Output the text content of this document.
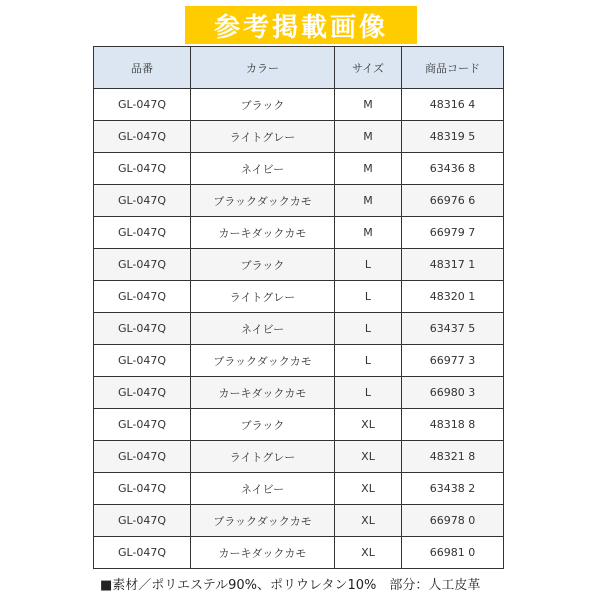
参考掲載画像
品番	カラー	サイズ	商品コード
GL-047Q	ブラック	M	48316 4
GL-047Q	ライトグレー	M	48319 5
GL-047Q	ネイビー	M	63436 8
GL-047Q	ブラックダックカモ	M	66976 6
GL-047Q	カーキダックカモ	M	66979 7
GL-047Q	ブラック	L	48317 1
GL-047Q	ライトグレー	L	48320 1
GL-047Q	ネイビー	L	63437 5
GL-047Q	ブラックダックカモ	L	66977 3
GL-047Q	カーキダックカモ	L	66980 3
GL-047Q	ブラック	XL	48318 8
GL-047Q	ライトグレー	XL	48321 8
GL-047Q	ネイビー	XL	63438 2
GL-047Q	ブラックダックカモ	XL	66978 0
GL-047Q	カーキダックカモ	XL	66981 0
■素材／ポリエステル90%、ポリウレタン10%　部分：人工皮革
